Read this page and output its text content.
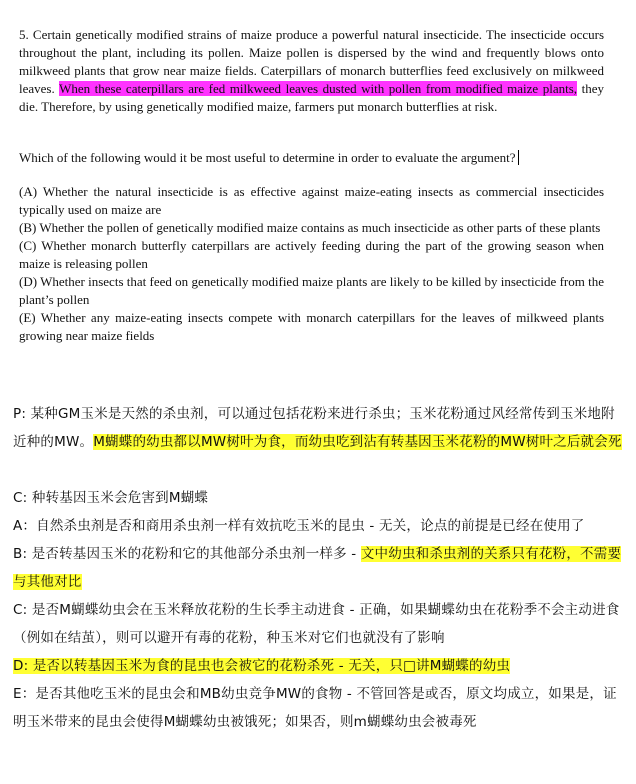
5. Certain genetically modified strains of maize produce a powerful natural insecticide. The insecticide occurs throughout the plant, including its pollen. Maize pollen is dispersed by the wind and frequently blows onto milkweed plants that grow near maize fields. Caterpillars of monarch butterflies feed exclusively on milkweed leaves. When these caterpillars are fed milkweed leaves dusted with pollen from modified maize plants, they die. Therefore, by using genetically modified maize, farmers put monarch butterflies at risk.

Which of the following would it be most useful to determine in order to evaluate the argument?

(A) Whether the natural insecticide is as effective against maize-eating insects as commercial insecticides typically used on maize are
(B) Whether the pollen of genetically modified maize contains as much insecticide as other parts of these plants
(C) Whether monarch butterfly caterpillars are actively feeding during the part of the growing season when maize is releasing pollen
(D) Whether insects that feed on genetically modified maize plants are likely to be killed by insecticide from the plant’s pollen
(E) Whether any maize-eating insects compete with monarch caterpillars for the leaves of milkweed plants growing near maize fields

P: 某种GM玉米是天然的杀虫剂，可以通过包括花粉来进行杀虫；玉米花粉通过风经常传到玉米地附近种的MW。M蝴蝶的幼虫都以MW树叶为食，而幼虫吃到沾有转基因玉米花粉的MW树叶之后就会死

C: 种转基因玉米会危害到M蝴蝶

A：自然杀虫剂是否和商用杀虫剂一样有效抗吃玉米的昆虫 - 无关，论点的前提是已经在使用了

B: 是否转基因玉米的花粉和它的其他部分杀虫剂一样多 - 文中幼虫和杀虫剂的关系只有花粉，不需要与其他对比

C: 是否M蝴蝶幼虫会在玉米释放花粉的生长季主动进食 - 正确，如果蝴蝶幼虫在花粉季不会主动进食（例如在结茧），则可以避开有毒的花粉，种玉米对它们也就没有了影响

D: 是否以转基因玉米为食的昆虫也会被它的花粉杀死 - 无关，只□讲M蝴蝶的幼虫

E：是否其他吃玉米的昆虫会和MB幼虫竞争MW的食物 - 不管回答是或否，原文均成立，如果是，证明玉米带来的昆虫会使得M蝴蝶幼虫被饿死；如果否，则m蝴蝶幼虫会被毒死
